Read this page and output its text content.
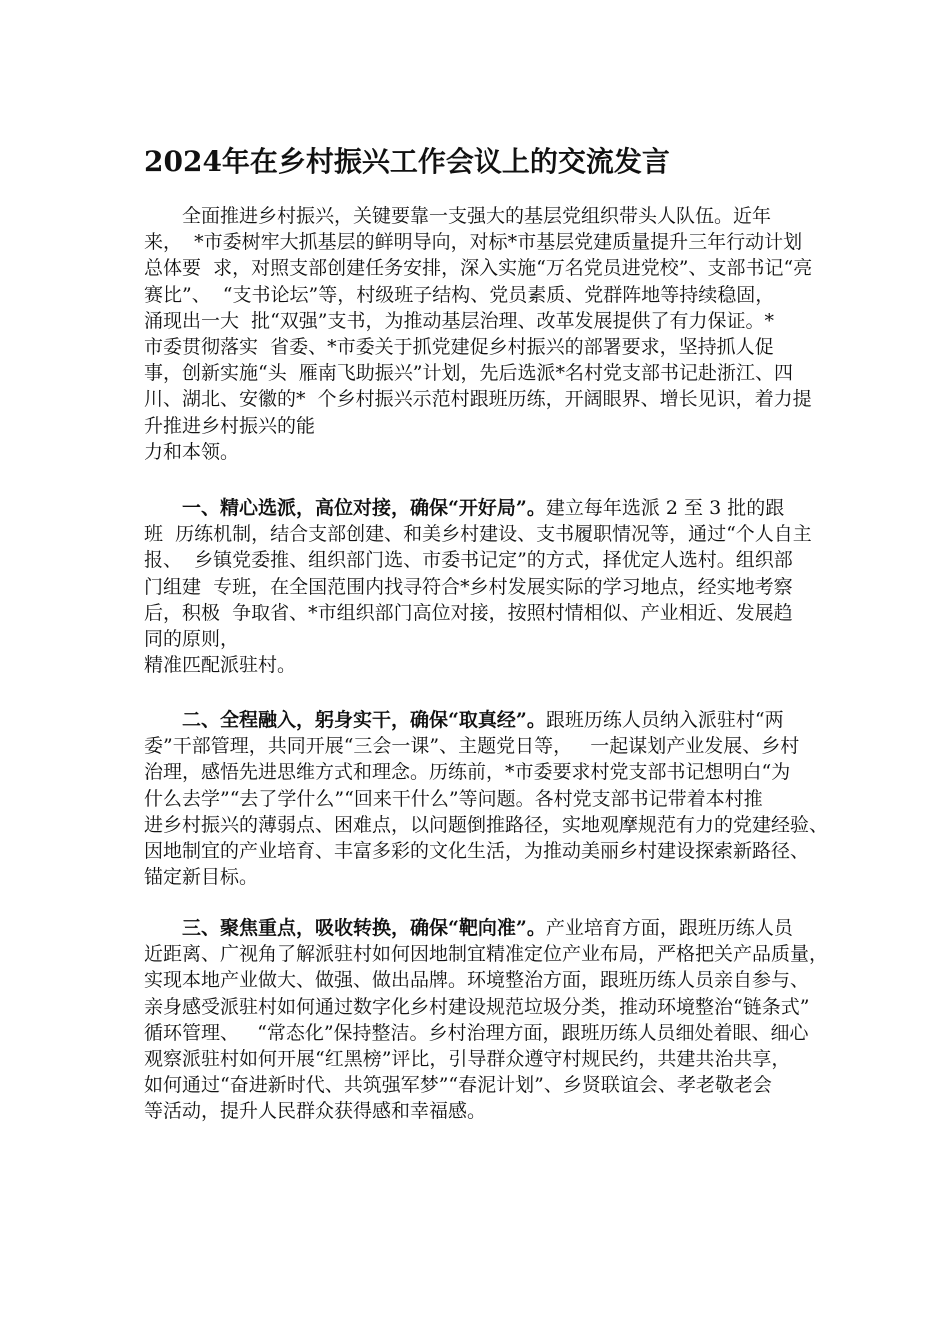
2024年在乡村振兴工作会议上的交流发言
全面推进乡村振兴，关键要靠一支强大的基层党组织带头人队伍。近年
来，  *市委树牢大抓基层的鲜明导向，对标*市基层党建质量提升三年行动计划
总体要  求，对照支部创建任务安排，深入实施“万名党员进党校”、支部书记“亮
赛比”、  “支书论坛”等，村级班子结构、党员素质、党群阵地等持续稳固，
涌现出一大  批“双强”支书，为推动基层治理、改革发展提供了有力保证。*
市委贯彻落实  省委、*市委关于抓党建促乡村振兴的部署要求，坚持抓人促
事，创新实施“头  雁南飞助振兴”计划，先后选派*名村党支部书记赴浙江、四
川、湖北、安徽的*  个乡村振兴示范村跟班历练，开阔眼界、增长见识，着力提
升推进乡村振兴的能
力和本领。
一、精心选派，高位对接，确保“开好局”。建立每年选派 2 至 3 批的跟
班  历练机制，结合支部创建、和美乡村建设、支书履职情况等，通过“个人自主
报、  乡镇党委推、组织部门选、市委书记定”的方式，择优定人选村。组织部
门组建  专班，在全国范围内找寻符合*乡村发展实际的学习地点，经实地考察
后，积极  争取省、*市组织部门高位对接，按照村情相似、产业相近、发展趋
同的原则，
精准匹配派驻村。
二、全程融入，躬身实干，确保“取真经”。跟班历练人员纳入派驻村“两
委”干部管理，共同开展“三会一课”、主题党日等，   一起谋划产业发展、乡村
治理，感悟先进思维方式和理念。历练前，*市委要求村党支部书记想明白“为
什么去学”“去了学什么”“回来干什么”等问题。各村党支部书记带着本村推
进乡村振兴的薄弱点、困难点，以问题倒推路径，实地观摩规范有力的党建经验、
因地制宜的产业培育、丰富多彩的文化生活，为推动美丽乡村建设探索新路径、
锚定新目标。
三、聚焦重点，吸收转换，确保“靶向准”。产业培育方面，跟班历练人员
近距离、广视角了解派驻村如何因地制宜精准定位产业布局，严格把关产品质量，
实现本地产业做大、做强、做出品牌。环境整治方面，跟班历练人员亲自参与、
亲身感受派驻村如何通过数字化乡村建设规范垃圾分类，推动环境整治“链条式”
循环管理、   “常态化”保持整洁。乡村治理方面，跟班历练人员细处着眼、细心
观察派驻村如何开展“红黑榜”评比，引导群众遵守村规民约，共建共治共享，
如何通过“奋进新时代、共筑强军梦”“春泥计划”、乡贤联谊会、孝老敬老会
等活动，提升人民群众获得感和幸福感。
